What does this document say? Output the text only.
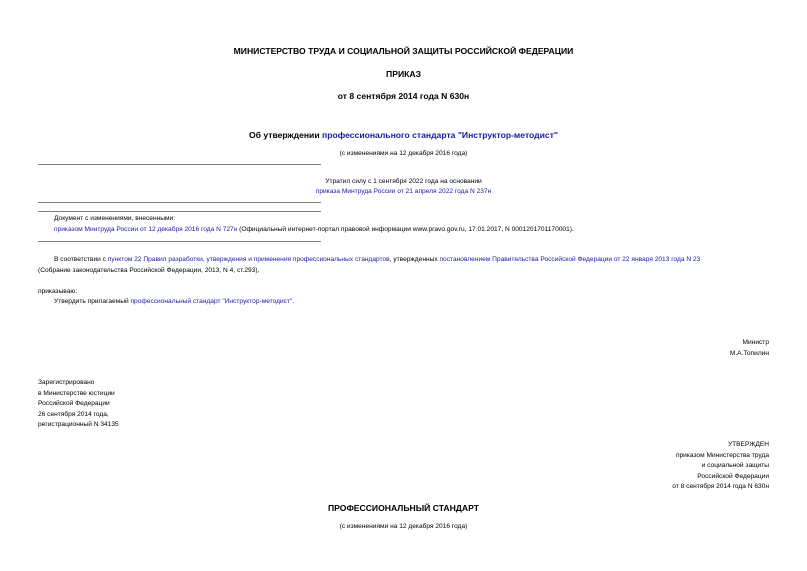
МИНИСТЕРСТВО ТРУДА И СОЦИАЛЬНОЙ ЗАЩИТЫ РОССИЙСКОЙ ФЕДЕРАЦИИ
ПРИКАЗ
от 8 сентября 2014 года N 630н
Об утверждении профессионального стандарта "Инструктор-методист"
(с изменениями на 12 декабря 2016 года)
Утратил силу с 1 сентября 2022 года на основании
приказа Минтруда России от 21 апреля 2022 года N 237н
Документ с изменениями, внесенными:
приказом Минтруда России от 12 декабря 2016 года N 727н (Официальный интернет-портал правовой информации www.pravo.gov.ru, 17.01.2017, N 0001201701170001).
В соответствии с пунктом 22 Правил разработки, утверждения и применения профессиональных стандартов, утвержденных постановлением Правительства Российской Федерации от 22 января 2013 года N 23
(Собрание законодательства Российской Федерации, 2013, N 4, ст.293),
приказываю:
Утвердить прилагаемый профессиональный стандарт "Инструктор-методист".
Министр
М.А.Топилин
Зарегистрировано
в Министерстве юстиции
Российской Федерации
26 сентября 2014 года,
регистрационный N 34135
УТВЕРЖДЕН
приказом Министерства труда
и социальной защиты
Российской Федерации
от 8 сентября 2014 года N 630н
ПРОФЕССИОНАЛЬНЫЙ СТАНДАРТ
(с изменениями на 12 декабря 2016 года)
